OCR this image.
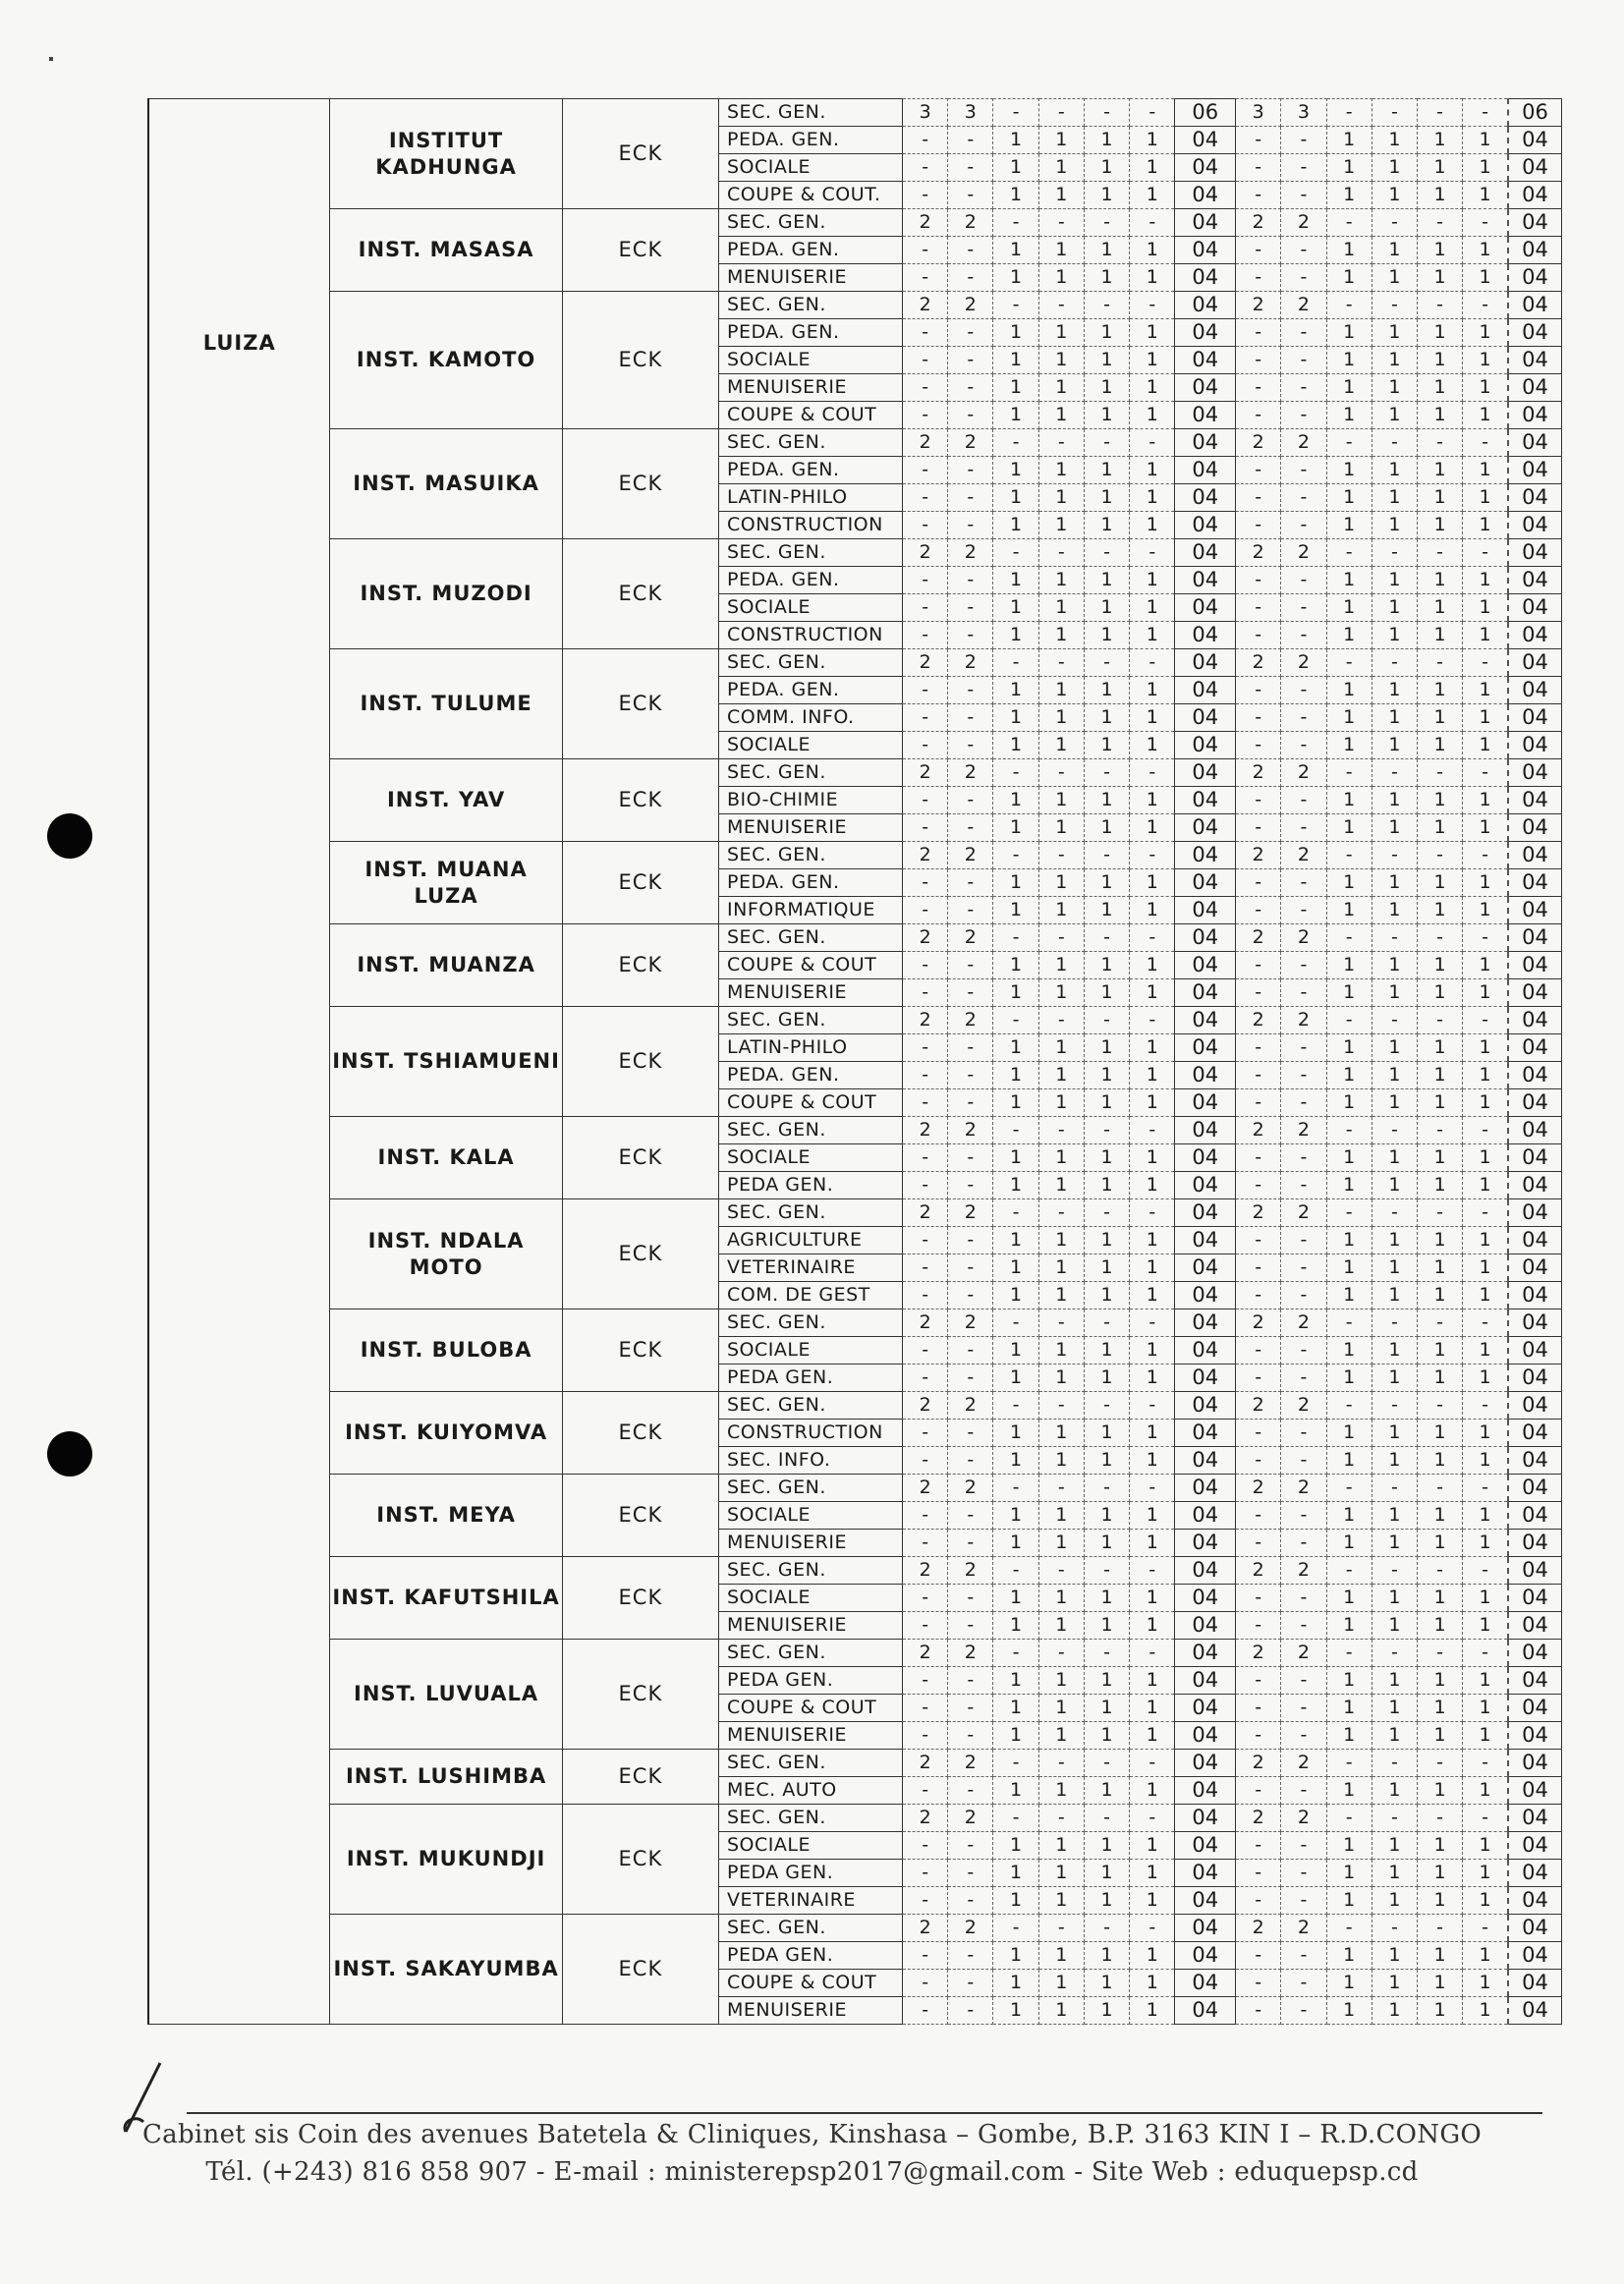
LUIZA	INSTITUT KADHUNGA	ECK	SEC. GEN.	3	3	-	-	-	-	06	3	3	-	-	-	-	06
			PEDA. GEN.	-	-	1	1	1	1	04	-	-	1	1	1	1	04
			SOCIALE	-	-	1	1	1	1	04	-	-	1	1	1	1	04
			COUPE & COUT.	-	-	1	1	1	1	04	-	-	1	1	1	1	04
	INST. MASASA	ECK	SEC. GEN.	2	2	-	-	-	-	04	2	2	-	-	-	-	04
			PEDA. GEN.	-	-	1	1	1	1	04	-	-	1	1	1	1	04
			MENUISERIE	-	-	1	1	1	1	04	-	-	1	1	1	1	04
	INST. KAMOTO	ECK	SEC. GEN.	2	2	-	-	-	-	04	2	2	-	-	-	-	04
			PEDA. GEN.	-	-	1	1	1	1	04	-	-	1	1	1	1	04
			SOCIALE	-	-	1	1	1	1	04	-	-	1	1	1	1	04
			MENUISERIE	-	-	1	1	1	1	04	-	-	1	1	1	1	04
			COUPE & COUT	-	-	1	1	1	1	04	-	-	1	1	1	1	04
	INST. MASUIKA	ECK	SEC. GEN.	2	2	-	-	-	-	04	2	2	-	-	-	-	04
			PEDA. GEN.	-	-	1	1	1	1	04	-	-	1	1	1	1	04
			LATIN-PHILO	-	-	1	1	1	1	04	-	-	1	1	1	1	04
			CONSTRUCTION	-	-	1	1	1	1	04	-	-	1	1	1	1	04
	INST. MUZODI	ECK	SEC. GEN.	2	2	-	-	-	-	04	2	2	-	-	-	-	04
			PEDA. GEN.	-	-	1	1	1	1	04	-	-	1	1	1	1	04
			SOCIALE	-	-	1	1	1	1	04	-	-	1	1	1	1	04
			CONSTRUCTION	-	-	1	1	1	1	04	-	-	1	1	1	1	04
	INST. TULUME	ECK	SEC. GEN.	2	2	-	-	-	-	04	2	2	-	-	-	-	04
			PEDA. GEN.	-	-	1	1	1	1	04	-	-	1	1	1	1	04
			COMM. INFO.	-	-	1	1	1	1	04	-	-	1	1	1	1	04
			SOCIALE	-	-	1	1	1	1	04	-	-	1	1	1	1	04
	INST. YAV	ECK	SEC. GEN.	2	2	-	-	-	-	04	2	2	-	-	-	-	04
			BIO-CHIMIE	-	-	1	1	1	1	04	-	-	1	1	1	1	04
			MENUISERIE	-	-	1	1	1	1	04	-	-	1	1	1	1	04
	INST. MUANA LUZA	ECK	SEC. GEN.	2	2	-	-	-	-	04	2	2	-	-	-	-	04
			PEDA. GEN.	-	-	1	1	1	1	04	-	-	1	1	1	1	04
			INFORMATIQUE	-	-	1	1	1	1	04	-	-	1	1	1	1	04
	INST. MUANZA	ECK	SEC. GEN.	2	2	-	-	-	-	04	2	2	-	-	-	-	04
			COUPE & COUT	-	-	1	1	1	1	04	-	-	1	1	1	1	04
			MENUISERIE	-	-	1	1	1	1	04	-	-	1	1	1	1	04
	INST. TSHIAMUENI	ECK	SEC. GEN.	2	2	-	-	-	-	04	2	2	-	-	-	-	04
			LATIN-PHILO	-	-	1	1	1	1	04	-	-	1	1	1	1	04
			PEDA. GEN.	-	-	1	1	1	1	04	-	-	1	1	1	1	04
			COUPE & COUT	-	-	1	1	1	1	04	-	-	1	1	1	1	04
	INST. KALA	ECK	SEC. GEN.	2	2	-	-	-	-	04	2	2	-	-	-	-	04
			SOCIALE	-	-	1	1	1	1	04	-	-	1	1	1	1	04
			PEDA GEN.	-	-	1	1	1	1	04	-	-	1	1	1	1	04
	INST. NDALA MOTO	ECK	SEC. GEN.	2	2	-	-	-	-	04	2	2	-	-	-	-	04
			AGRICULTURE	-	-	1	1	1	1	04	-	-	1	1	1	1	04
			VETERINAIRE	-	-	1	1	1	1	04	-	-	1	1	1	1	04
			COM. DE GEST	-	-	1	1	1	1	04	-	-	1	1	1	1	04
	INST. BULOBA	ECK	SEC. GEN.	2	2	-	-	-	-	04	2	2	-	-	-	-	04
			SOCIALE	-	-	1	1	1	1	04	-	-	1	1	1	1	04
			PEDA GEN.	-	-	1	1	1	1	04	-	-	1	1	1	1	04
	INST. KUIYOMVA	ECK	SEC. GEN.	2	2	-	-	-	-	04	2	2	-	-	-	-	04
			CONSTRUCTION	-	-	1	1	1	1	04	-	-	1	1	1	1	04
			SEC. INFO.	-	-	1	1	1	1	04	-	-	1	1	1	1	04
	INST. MEYA	ECK	SEC. GEN.	2	2	-	-	-	-	04	2	2	-	-	-	-	04
			SOCIALE	-	-	1	1	1	1	04	-	-	1	1	1	1	04
			MENUISERIE	-	-	1	1	1	1	04	-	-	1	1	1	1	04
	INST. KAFUTSHILA	ECK	SEC. GEN.	2	2	-	-	-	-	04	2	2	-	-	-	-	04
			SOCIALE	-	-	1	1	1	1	04	-	-	1	1	1	1	04
			MENUISERIE	-	-	1	1	1	1	04	-	-	1	1	1	1	04
	INST. LUVUALA	ECK	SEC. GEN.	2	2	-	-	-	-	04	2	2	-	-	-	-	04
			PEDA GEN.	-	-	1	1	1	1	04	-	-	1	1	1	1	04
			COUPE & COUT	-	-	1	1	1	1	04	-	-	1	1	1	1	04
			MENUISERIE	-	-	1	1	1	1	04	-	-	1	1	1	1	04
	INST. LUSHIMBA	ECK	SEC. GEN.	2	2	-	-	-	-	04	2	2	-	-	-	-	04
			MEC. AUTO	-	-	1	1	1	1	04	-	-	1	1	1	1	04
	INST. MUKUNDJI	ECK	SEC. GEN.	2	2	-	-	-	-	04	2	2	-	-	-	-	04
			SOCIALE	-	-	1	1	1	1	04	-	-	1	1	1	1	04
			PEDA GEN.	-	-	1	1	1	1	04	-	-	1	1	1	1	04
			VETERINAIRE	-	-	1	1	1	1	04	-	-	1	1	1	1	04
	INST. SAKAYUMBA	ECK	SEC. GEN.	2	2	-	-	-	-	04	2	2	-	-	-	-	04
			PEDA GEN.	-	-	1	1	1	1	04	-	-	1	1	1	1	04
			COUPE & COUT	-	-	1	1	1	1	04	-	-	1	1	1	1	04
			MENUISERIE	-	-	1	1	1	1	04	-	-	1	1	1	1	04
Cabinet sis Coin des avenues Batetela & Cliniques, Kinshasa – Gombe, B.P. 3163 KIN I – R.D.CONGO
Tél. (+243) 816 858 907 - E-mail : ministerepsp2017@gmail.com - Site Web : eduquepsp.cd
